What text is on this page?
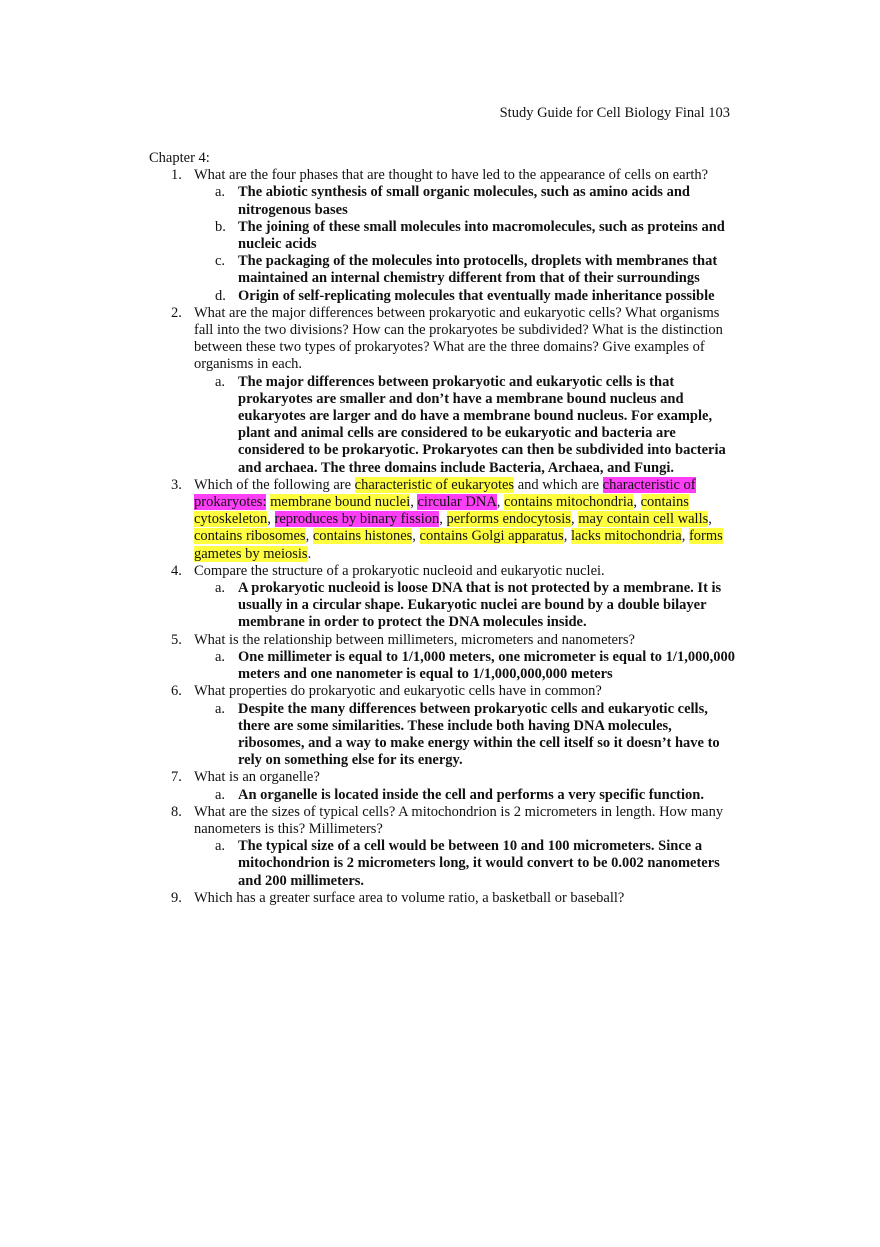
Study Guide for Cell Biology Final 103

Chapter 4:

1. What are the four phases that are thought to have led to the appearance of cells on earth?
a. The abiotic synthesis of small organic molecules, such as amino acids and nitrogenous bases
b. The joining of these small molecules into macromolecules, such as proteins and nucleic acids
c. The packaging of the molecules into protocells, droplets with membranes that maintained an internal chemistry different from that of their surroundings
d. Origin of self-replicating molecules that eventually made inheritance possible
2. What are the major differences between prokaryotic and eukaryotic cells? What organisms fall into the two divisions? How can the prokaryotes be subdivided? What is the distinction between these two types of prokaryotes? What are the three domains? Give examples of organisms in each.
a. The major differences between prokaryotic and eukaryotic cells is that prokaryotes are smaller and don’t have a membrane bound nucleus and eukaryotes are larger and do have a membrane bound nucleus. For example, plant and animal cells are considered to be eukaryotic and bacteria are considered to be prokaryotic. Prokaryotes can then be subdivided into bacteria and archaea. The three domains include Bacteria, Archaea, and Fungi.
3. Which of the following are characteristic of eukaryotes and which are characteristic of prokaryotes: membrane bound nuclei, circular DNA, contains mitochondria, contains cytoskeleton, reproduces by binary fission, performs endocytosis, may contain cell walls, contains ribosomes, contains histones, contains Golgi apparatus, lacks mitochondria, forms gametes by meiosis.
4. Compare the structure of a prokaryotic nucleoid and eukaryotic nuclei.
a. A prokaryotic nucleoid is loose DNA that is not protected by a membrane. It is usually in a circular shape. Eukaryotic nuclei are bound by a double bilayer membrane in order to protect the DNA molecules inside.
5. What is the relationship between millimeters, micrometers and nanometers?
a. One millimeter is equal to 1/1,000 meters, one micrometer is equal to 1/1,000,000 meters and one nanometer is equal to 1/1,000,000,000 meters
6. What properties do prokaryotic and eukaryotic cells have in common?
a. Despite the many differences between prokaryotic cells and eukaryotic cells, there are some similarities. These include both having DNA molecules, ribosomes, and a way to make energy within the cell itself so it doesn’t have to rely on something else for its energy.
7. What is an organelle?
a. An organelle is located inside the cell and performs a very specific function.
8. What are the sizes of typical cells? A mitochondrion is 2 micrometers in length. How many nanometers is this? Millimeters?
a. The typical size of a cell would be between 10 and 100 micrometers. Since a mitochondrion is 2 micrometers long, it would convert to be 0.002 nanometers and 200 millimeters.
9. Which has a greater surface area to volume ratio, a basketball or baseball?
